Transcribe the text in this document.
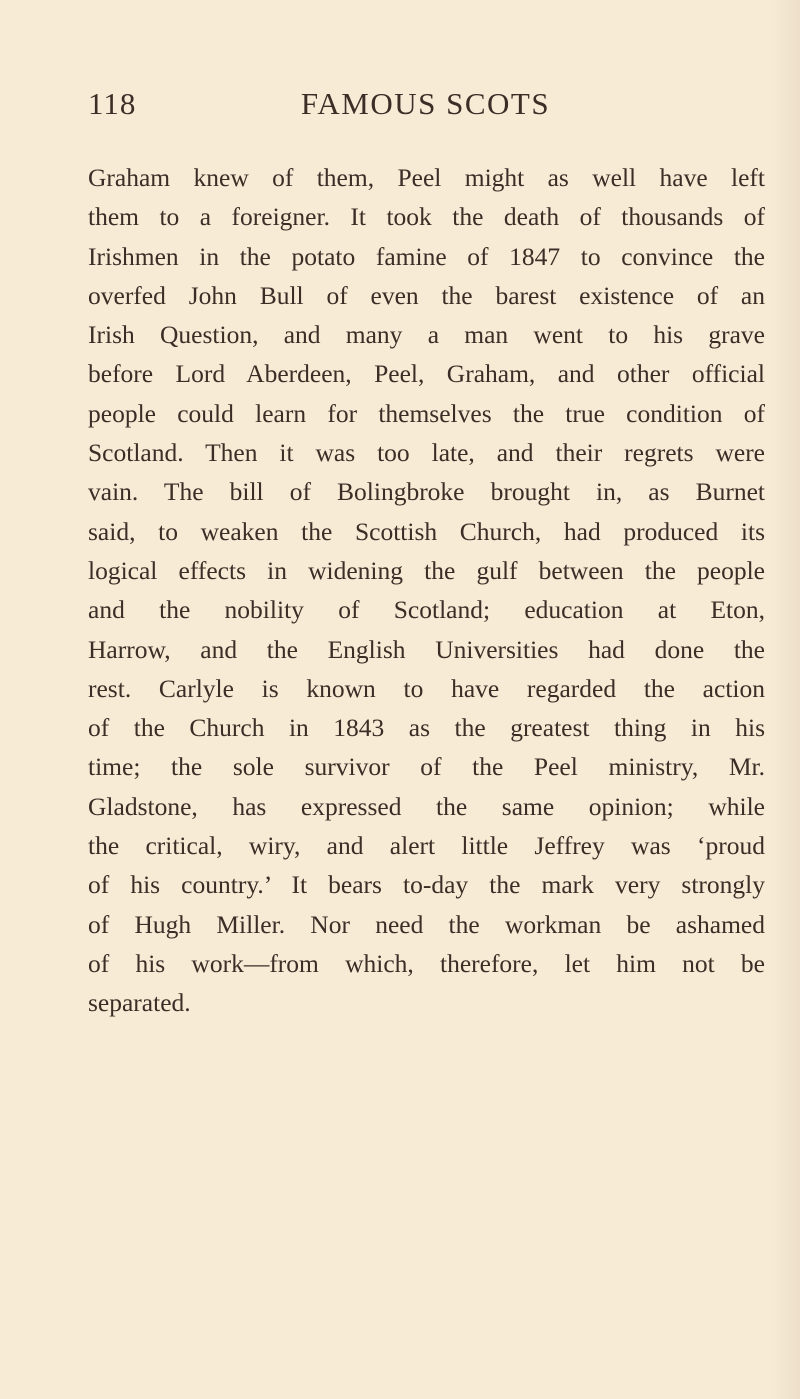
118	FAMOUS SCOTS
Graham knew of them, Peel might as well have left
them to a foreigner. It took the death of thousands of
Irishmen in the potato famine of 1847 to convince the
overfed John Bull of even the barest existence of an
Irish Question, and many a man went to his grave
before Lord Aberdeen, Peel, Graham, and other official
people could learn for themselves the true condition of
Scotland. Then it was too late, and their regrets were
vain. The bill of Bolingbroke brought in, as Burnet
said, to weaken the Scottish Church, had produced its
logical effects in widening the gulf between the people
and the nobility of Scotland; education at Eton,
Harrow, and the English Universities had done the
rest. Carlyle is known to have regarded the action
of the Church in 1843 as the greatest thing in his
time; the sole survivor of the Peel ministry, Mr.
Gladstone, has expressed the same opinion; while
the critical, wiry, and alert little Jeffrey was ‘proud
of his country.’ It bears to-day the mark very strongly
of Hugh Miller. Nor need the workman be ashamed
of his work—from which, therefore, let him not be
separated.
